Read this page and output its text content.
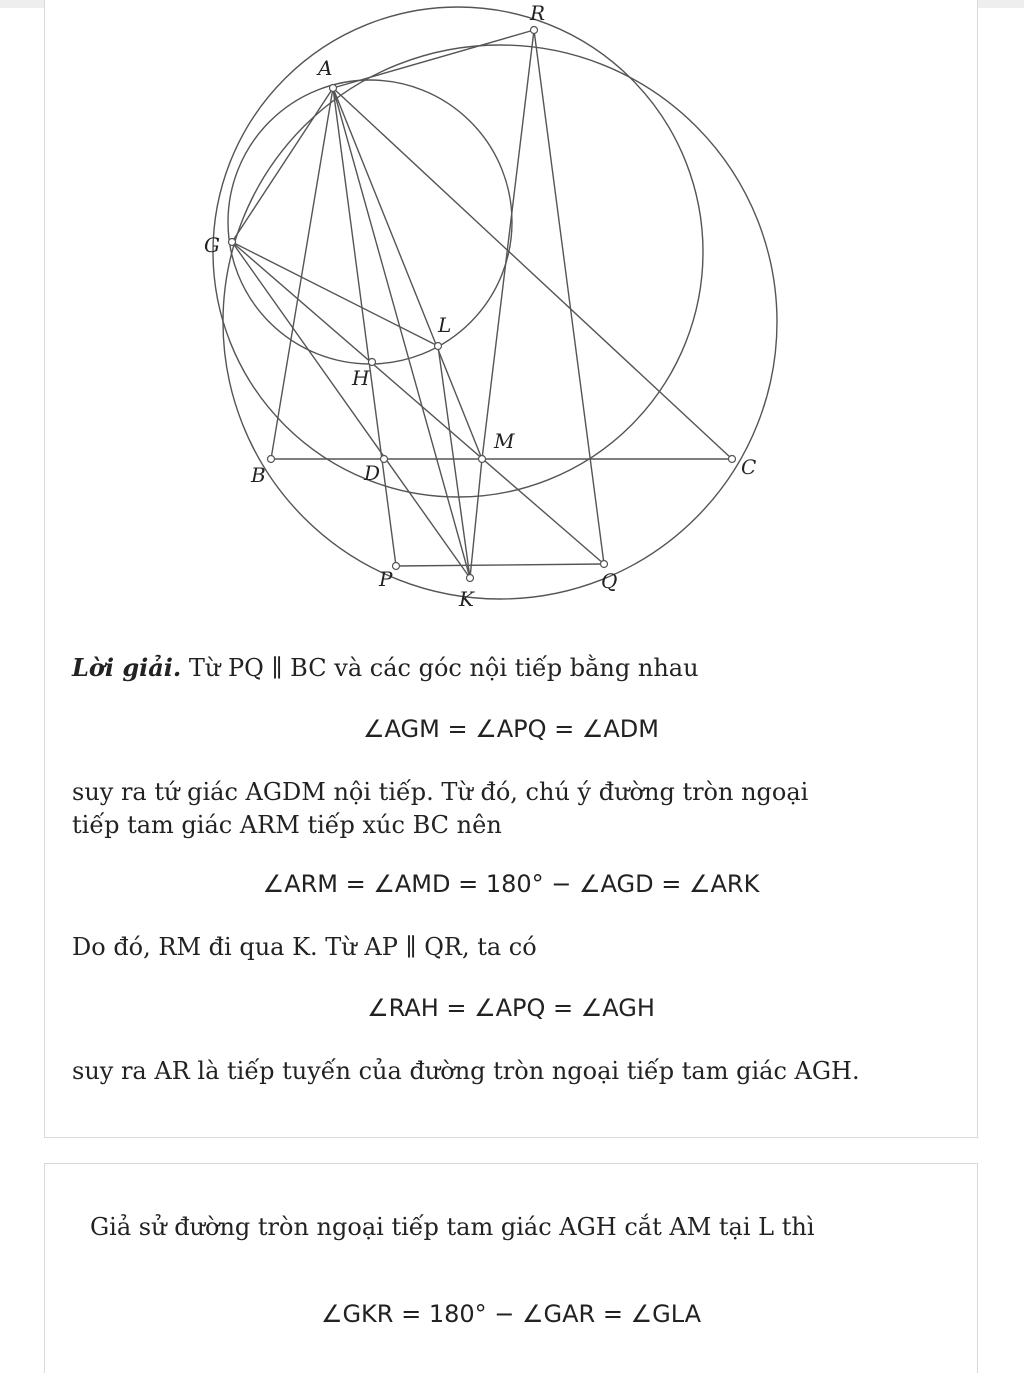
R
A
G
L
H
M
B	D	C
P	Q
K
Lời giải. Từ PQ ∥ BC và các góc nội tiếp bằng nhau
∠AGM = ∠APQ = ∠ADM
suy ra tứ giác AGDM nội tiếp. Từ đó, chú ý đường tròn ngoại
tiếp tam giác ARM tiếp xúc BC nên
∠ARM = ∠AMD = 180° − ∠AGD = ∠ARK
Do đó, RM đi qua K. Từ AP ∥ QR, ta có
∠RAH = ∠APQ = ∠AGH
suy ra AR là tiếp tuyến của đường tròn ngoại tiếp tam giác AGH.
Giả sử đường tròn ngoại tiếp tam giác AGH cắt AM tại L thì
∠GKR = 180° − ∠GAR = ∠GLA
